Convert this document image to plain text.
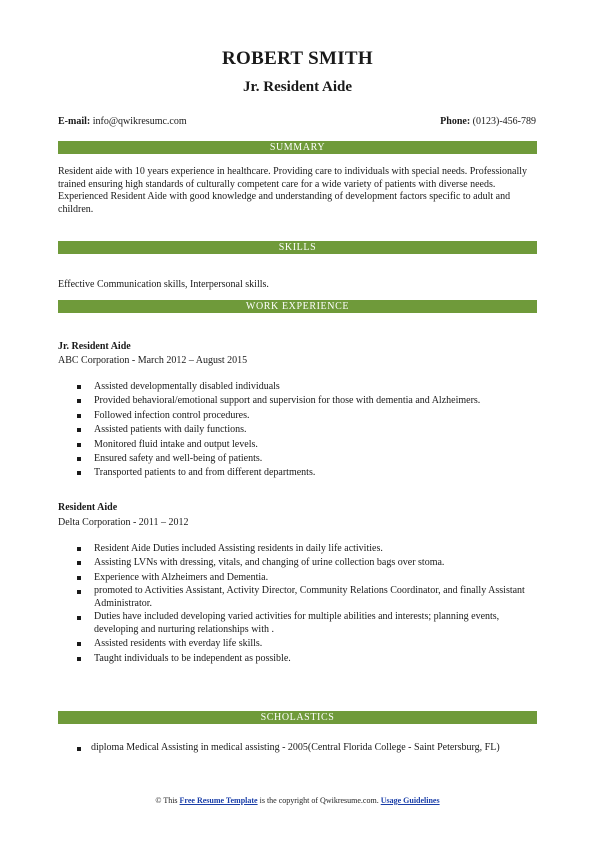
ROBERT SMITH
Jr. Resident Aide
E-mail: info@qwikresumc.com	Phone: (0123)-456-789
SUMMARY
Resident aide with 10 years experience in healthcare. Providing care to individuals with special needs. Professionally trained ensuring high standards of culturally competent care for a wide variety of patients with diverse needs. Experienced Resident Aide with good knowledge and understanding of development factors specific to adult and children.
SKILLS
Effective Communication skills, Interpersonal skills.
WORK EXPERIENCE
Jr. Resident Aide
ABC Corporation - March 2012 – August 2015
Assisted developmentally disabled individuals
Provided behavioral/emotional support and supervision for those with dementia and Alzheimers.
Followed infection control procedures.
Assisted patients with daily functions.
Monitored fluid intake and output levels.
Ensured safety and well-being of patients.
Transported patients to and from different departments.
Resident Aide
Delta Corporation - 2011 – 2012
Resident Aide Duties included Assisting residents in daily life activities.
Assisting LVNs with dressing, vitals, and changing of urine collection bags over stoma.
Experience with Alzheimers and Dementia.
promoted to Activities Assistant, Activity Director, Community Relations Coordinator, and finally Assistant Administrator.
Duties have included developing varied activities for multiple abilities and interests; planning events, developing and nurturing relationships with .
Assisted residents with everday life skills.
Taught individuals to be independent as possible.
SCHOLASTICS
diploma Medical Assisting in medical assisting - 2005(Central Florida College - Saint Petersburg, FL)
© This Free Resume Template is the copyright of Qwikresume.com. Usage Guidelines
